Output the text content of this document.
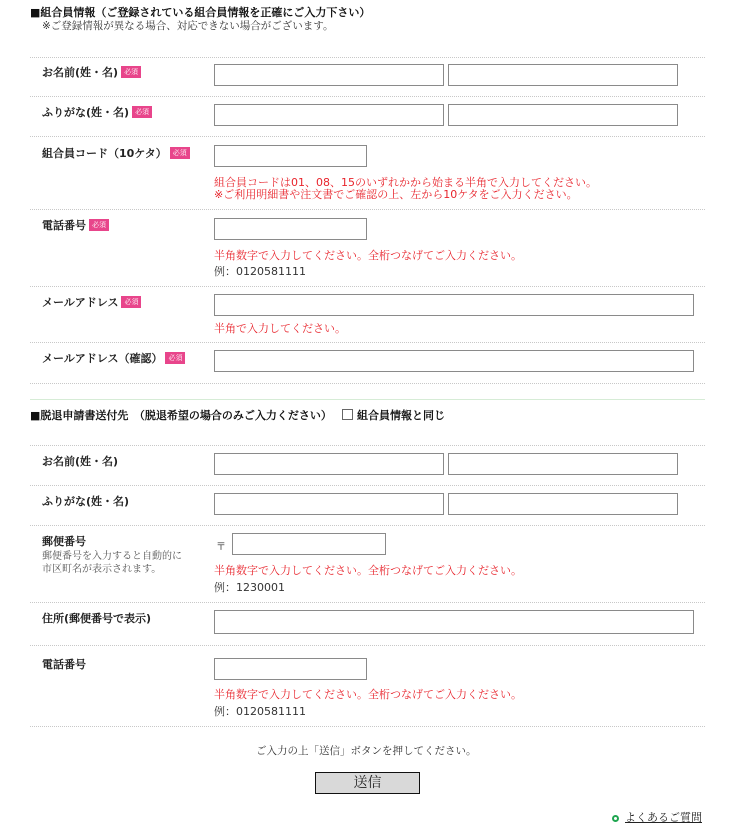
■組合員情報（ご登録されている組合員情報を正確にご入力下さい）
※ご登録情報が異なる場合、対応できない場合がございます。
お名前(姓・名) 必須
ふりがな(姓・名) 必須
組合員コード（10ケタ） 必須
組合員コードは01、08、15のいずれかから始まる半角で入力してください。
※ご利用明細書や注文書でご確認の上、左から10ケタをご入力ください。
電話番号 必須
半角数字で入力してください。全桁つなげてご入力ください。
例：0120581111
メールアドレス 必須
半角で入力してください。
メールアドレス（確認） 必須
■脱退申請書送付先　（脱退希望の場合のみご入力ください）	組合員情報と同じ
お名前(姓・名)
ふりがな(姓・名)
郵便番号
郵便番号を入力すると自動的に
市区町名が表示されます。
〒
半角数字で入力してください。全桁つなげてご入力ください。
例：1230001
住所(郵便番号で表示)
電話番号
半角数字で入力してください。全桁つなげてご入力ください。
例：0120581111
ご入力の上「送信」ボタンを押してください。
送信
よくあるご質問
